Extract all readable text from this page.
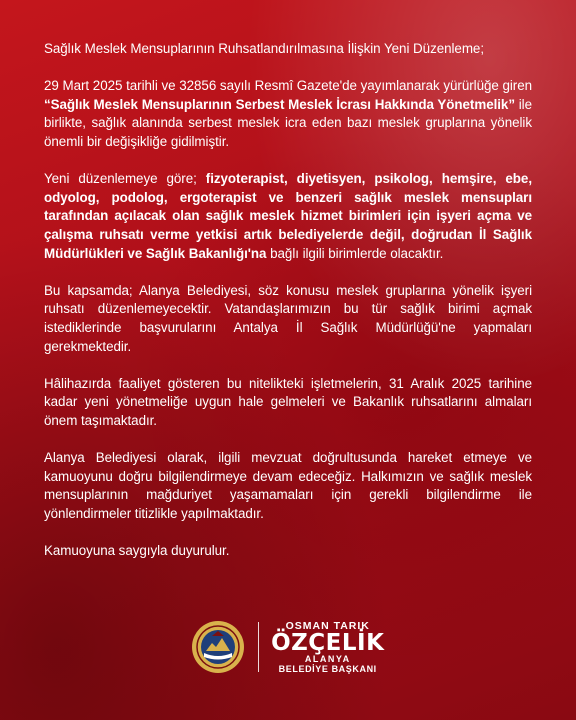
Sağlık Meslek Mensuplarının Ruhsatlandırılmasına İlişkin Yeni Düzenleme;

29 Mart 2025 tarihli ve 32856 sayılı Resmî Gazete'de yayımlanarak yürürlüğe giren “Sağlık Meslek Mensuplarının Serbest Meslek İcrası Hakkında Yönetmelik” ile birlikte, sağlık alanında serbest meslek icra eden bazı meslek gruplarına yönelik önemli bir değişikliğe gidilmiştir.

Yeni düzenlemeye göre; fizyoterapist, diyetisyen, psikolog, hemşire, ebe, odyolog, podolog, ergoterapist ve benzeri sağlık meslek mensupları tarafından açılacak olan sağlık meslek hizmet birimleri için işyeri açma ve çalışma ruhsatı verme yetkisi artık belediyelerde değil, doğrudan İl Sağlık Müdürlükleri ve Sağlık Bakanlığı'na bağlı ilgili birimlerde olacaktır.

Bu kapsamda; Alanya Belediyesi, söz konusu meslek gruplarına yönelik işyeri ruhsatı düzenlemeyecektir. Vatandaşlarımızın bu tür sağlık birimi açmak istediklerinde başvurularını Antalya İl Sağlık Müdürlüğü'ne yapmaları gerekmektedir.

Hâlihazırda faaliyet gösteren bu nitelikteki işletmelerin, 31 Aralık 2025 tarihine kadar yeni yönetmeliğe uygun hale gelmeleri ve Bakanlık ruhsatlarını almaları önem taşımaktadır.

Alanya Belediyesi olarak, ilgili mevzuat doğrultusunda hareket etmeye ve kamuoyunu doğru bilgilendirmeye devam edeceğiz. Halkımızın ve sağlık meslek mensuplarının mağduriyet yaşamamaları için gerekli bilgilendirme ile yönlendirmeler titizlikle yapılmaktadır.

Kamuoyuna saygıyla duyurulur.

OSMAN TARIK
ÖZÇELİK
ALANYA
BELEDİYE BAŞKANI
